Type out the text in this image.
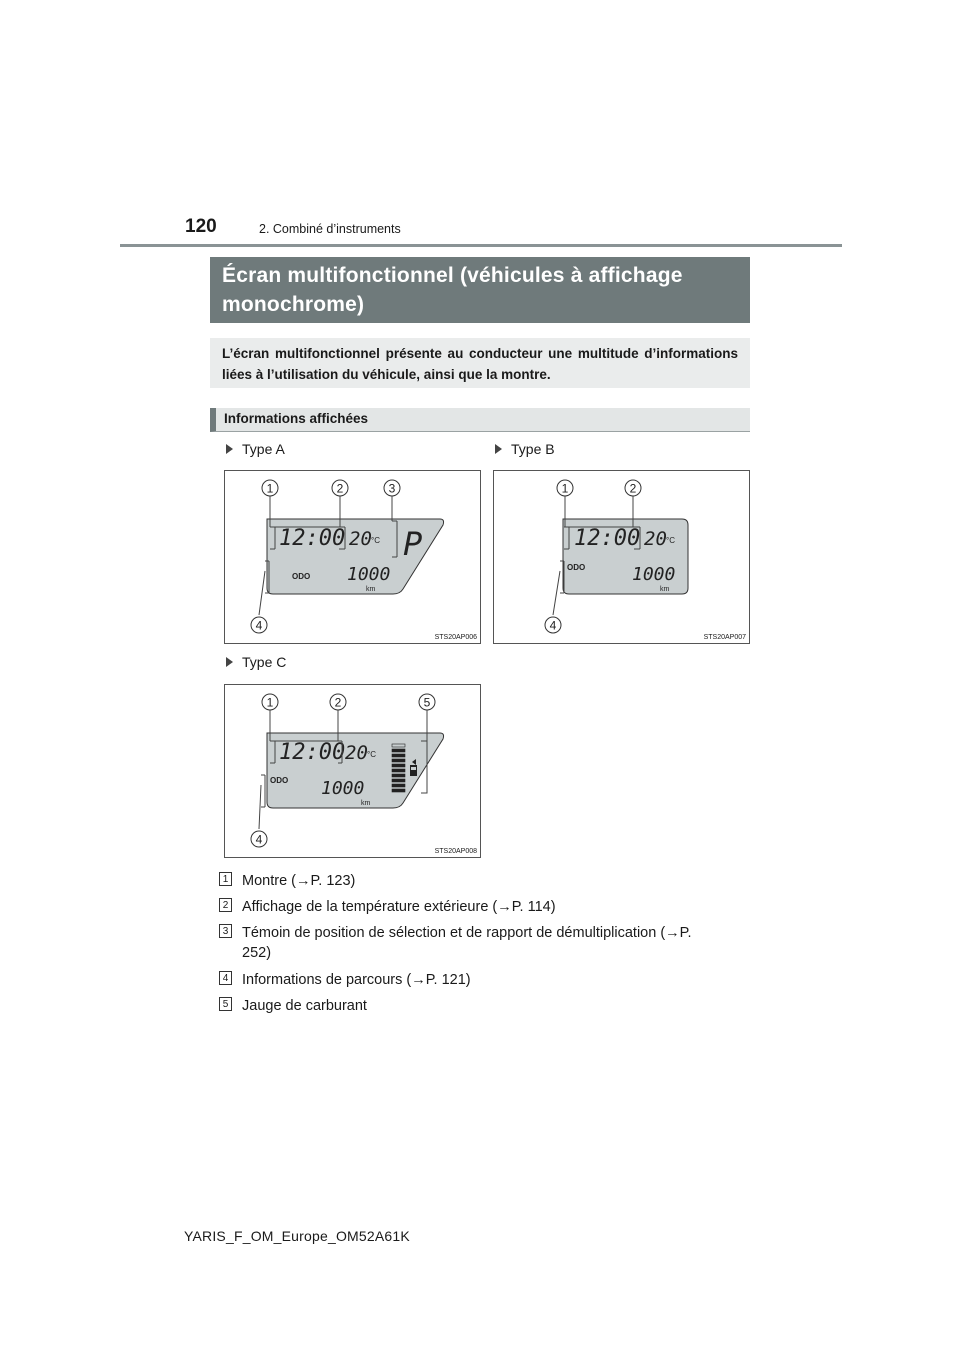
120	2. Combiné d’instruments
Écran multifonctionnel (véhicules à affichage monochrome)
L’écran multifonctionnel présente au conducteur une multitude d’informations liées à l’utilisation du véhicule, ainsi que la montre.
Informations affichées
Type A	Type B
Type C
12:00 20 °C P
ODO 1000
km
1	2	3
4
STS20AP006
12:00 20 °C
ODO	1000
km
1	2
4
STS20AP007
12:00 20 °C
ODO 1000
km
1	2	5
4
STS20AP008
1 Montre (→P. 123)
2 Affichage de la température extérieure (→P. 114)
3 Témoin de position de sélection et de rapport de démultiplication (→P. 252)
4 Informations de parcours (→P. 121)
5 Jauge de carburant
YARIS_F_OM_Europe_OM52A61K
